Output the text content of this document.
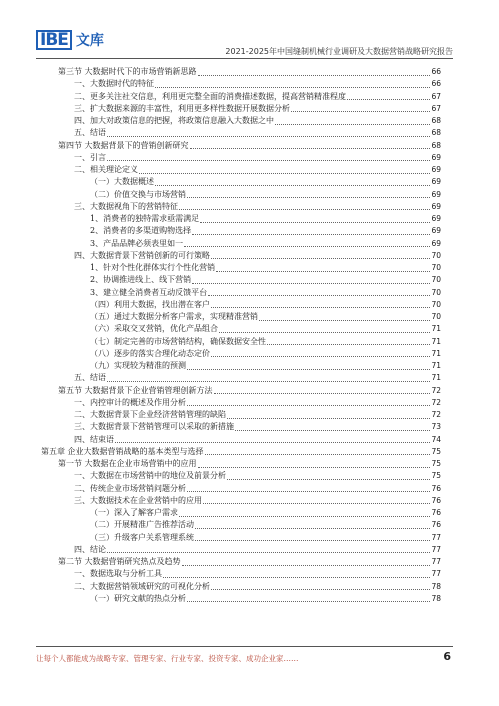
IBE 文库
2021-2025年中国缝制机械行业调研及大数据营销战略研究报告
第三节 大数据时代下的市场营销新思路	66
一、大数据时代的特征	66
二、更多关注社交信息，利用更完整全面的消费描述数据，提高营销精准程度	67
三、扩大数据来源的丰富性，利用更多样性数据开展数据分析	67
四、加大对政策信息的把握，将政策信息融入大数据之中	68
五、结语	68
第四节 大数据背景下的营销创新研究	68
一、引言	69
二、相关理论定义	69
（一）大数据概述	69
（二）价值交换与市场营销	69
三、大数据视角下的营销特征	69
1、消费者的独特需求亟需满足	69
2、消费者的多渠道购物选择	69
3、产品品牌必须表里如一	69
四、大数据背景下营销创新的可行策略	70
1、针对个性化群体实行个性化营销	70
2、协调推进线上、线下营销	70
3、建立健全消费者互动反馈平台	70
（四）利用大数据，找出潜在客户	70
（五）通过大数据分析客户需求，实现精准营销	70
（六）采取交叉营销，优化产品组合	71
（七）制定完善的市场营销结构，确保数据安全性	71
（八）逐步的落实合理化动态定价	71
（九）实现较为精准的预测	71
五、结语	71
第五节 大数据背景下企业营销管理创新方法	72
一、内控审计的概述及作用分析	72
二、大数据背景下企业经济营销管理的缺陷	72
三、大数据背景下营销管理可以采取的新措施	73
四、结束语	74
第五章 企业大数据营销战略的基本类型与选择	75
第一节 大数据在企业市场营销中的应用	75
一、大数据在市场营销中的地位及前景分析	75
二、传统企业市场营销问题分析	76
三、大数据技术在企业营销中的应用	76
（一）深入了解客户需求	76
（二）开展精准广告推荐活动	76
（三）升级客户关系管理系统	77
四、结论	77
第二节 大数据营销研究热点及趋势	77
一、数据选取与分析工具	77
二、大数据营销领域研究的可视化分析	78
（一）研究文献的热点分析	78
让每个人都能成为战略专家、管理专家、行业专家、投资专家、成功企业家……	6
